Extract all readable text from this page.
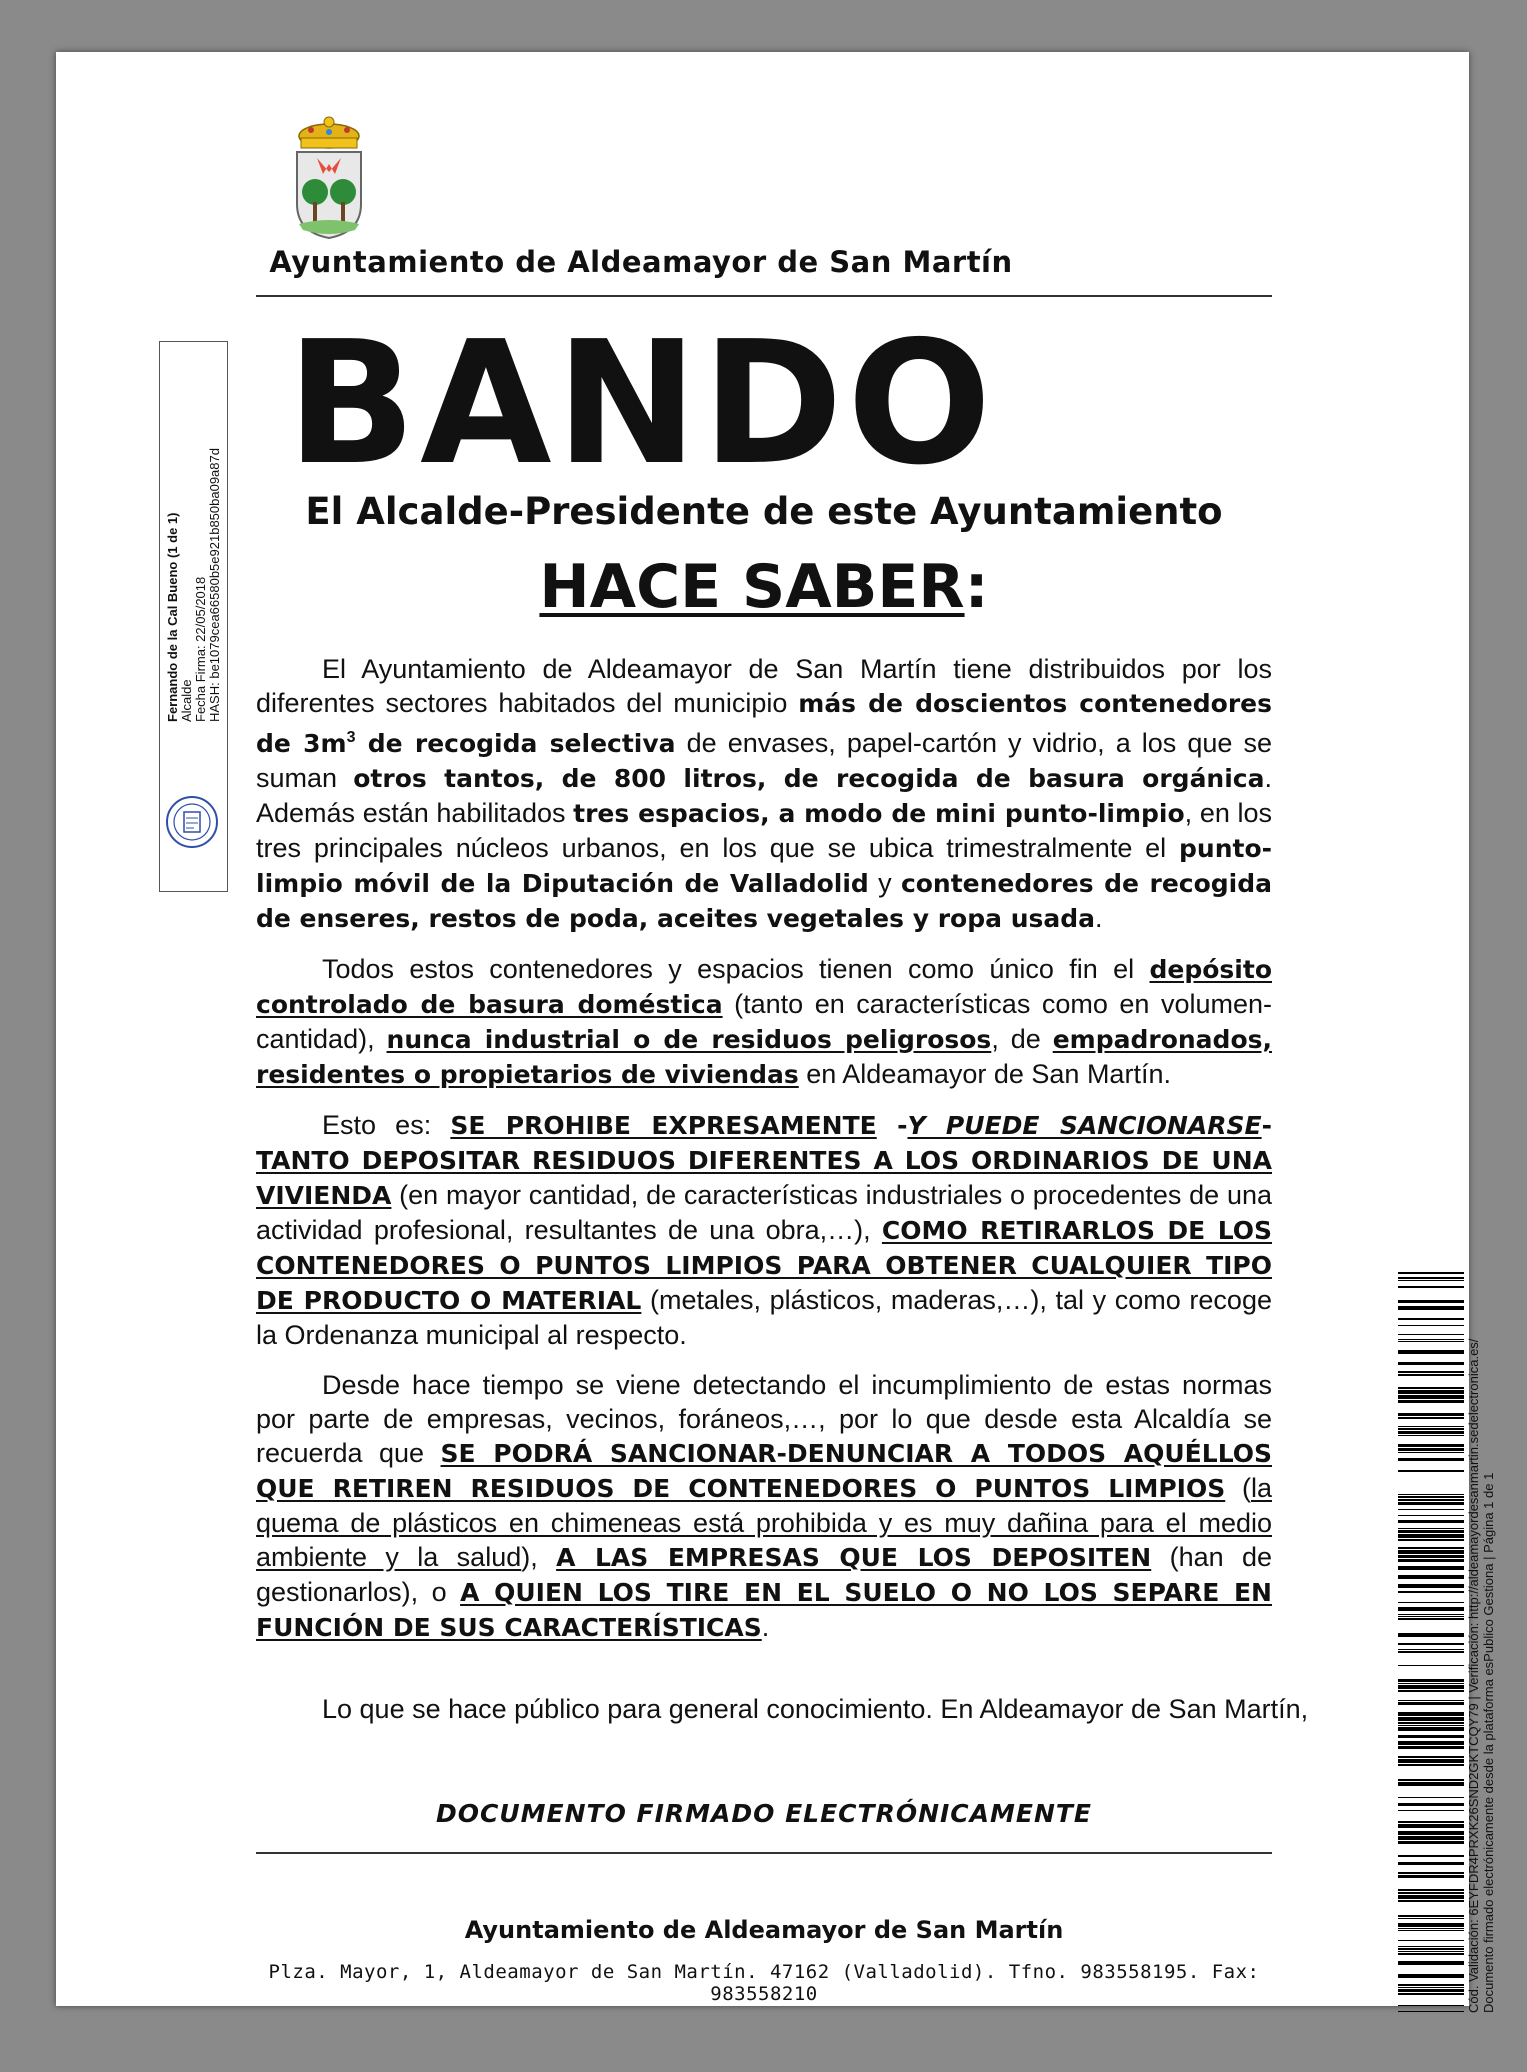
Ayuntamiento de Aldeamayor de San Martín
BANDO
El Alcalde-Presidente de este Ayuntamiento
HACE SABER:

El Ayuntamiento de Aldeamayor de San Martín tiene distribuidos por los diferentes sectores habitados del municipio más de doscientos contenedores de $3m^3$ de recogida selectiva de envases, papel-cartón y vidrio, a los que se suman otros tantos, de 800 litros, de recogida de basura orgánica. Además están habilitados tres espacios, a modo de mini punto-limpio, en los tres principales núcleos urbanos, en los que se ubica trimestralmente el punto-limpio móvil de la Diputación de Valladolid y contenedores de recogida de enseres, restos de poda, aceites vegetales y ropa usada.

Todos estos contenedores y espacios tienen como único fin el depósito controlado de basura doméstica (tanto en características como en volumen-cantidad), nunca industrial o de residuos peligrosos, de empadronados, residentes o propietarios de viviendas en Aldeamayor de San Martín.

Esto es: SE PROHIBE EXPRESAMENTE -Y PUEDE SANCIONARSE- TANTO DEPOSITAR RESIDUOS DIFERENTES A LOS ORDINARIOS DE UNA VIVIENDA (en mayor cantidad, de características industriales o procedentes de una actividad profesional, resultantes de una obra,…), COMO RETIRARLOS DE LOS CONTENEDORES O PUNTOS LIMPIOS PARA OBTENER CUALQUIER TIPO DE PRODUCTO O MATERIAL (metales, plásticos, maderas,…), tal y como recoge la Ordenanza municipal al respecto.

Desde hace tiempo se viene detectando el incumplimiento de estas normas por parte de empresas, vecinos, foráneos,…, por lo que desde esta Alcaldía se recuerda que SE PODRÁ SANCIONAR-DENUNCIAR A TODOS AQUÉLLOS QUE RETIREN RESIDUOS DE CONTENEDORES O PUNTOS LIMPIOS (la quema de plásticos en chimeneas está prohibida y es muy dañina para el medio ambiente y la salud), A LAS EMPRESAS QUE LOS DEPOSITEN (han de gestionarlos), o A QUIEN LOS TIRE EN EL SUELO O NO LOS SEPARE EN FUNCIÓN DE SUS CARACTERÍSTICAS.

Lo que se hace público para general conocimiento. En Aldeamayor de San Martín,
DOCUMENTO FIRMADO ELECTRÓNICAMENTE
Ayuntamiento de Aldeamayor de San Martín
Plza. Mayor, 1, Aldeamayor de San Martín. 47162 (Valladolid). Tfno. 983558195. Fax: 983558210
Fernando de la Cal Bueno (1 de 1) Alcalde Fecha Firma: 22/05/2018 HASH: be1079cea66580b5e921b850ba09a87d
Cód. Validación: 6EYFDR4PRXK26SND2GKTCQY79 | Verificación: http://aldeamayordesanmartin.sedelectronica.es/ Documento firmado electrónicamente desde la plataforma esPublico Gestiona | Página 1 de 1
